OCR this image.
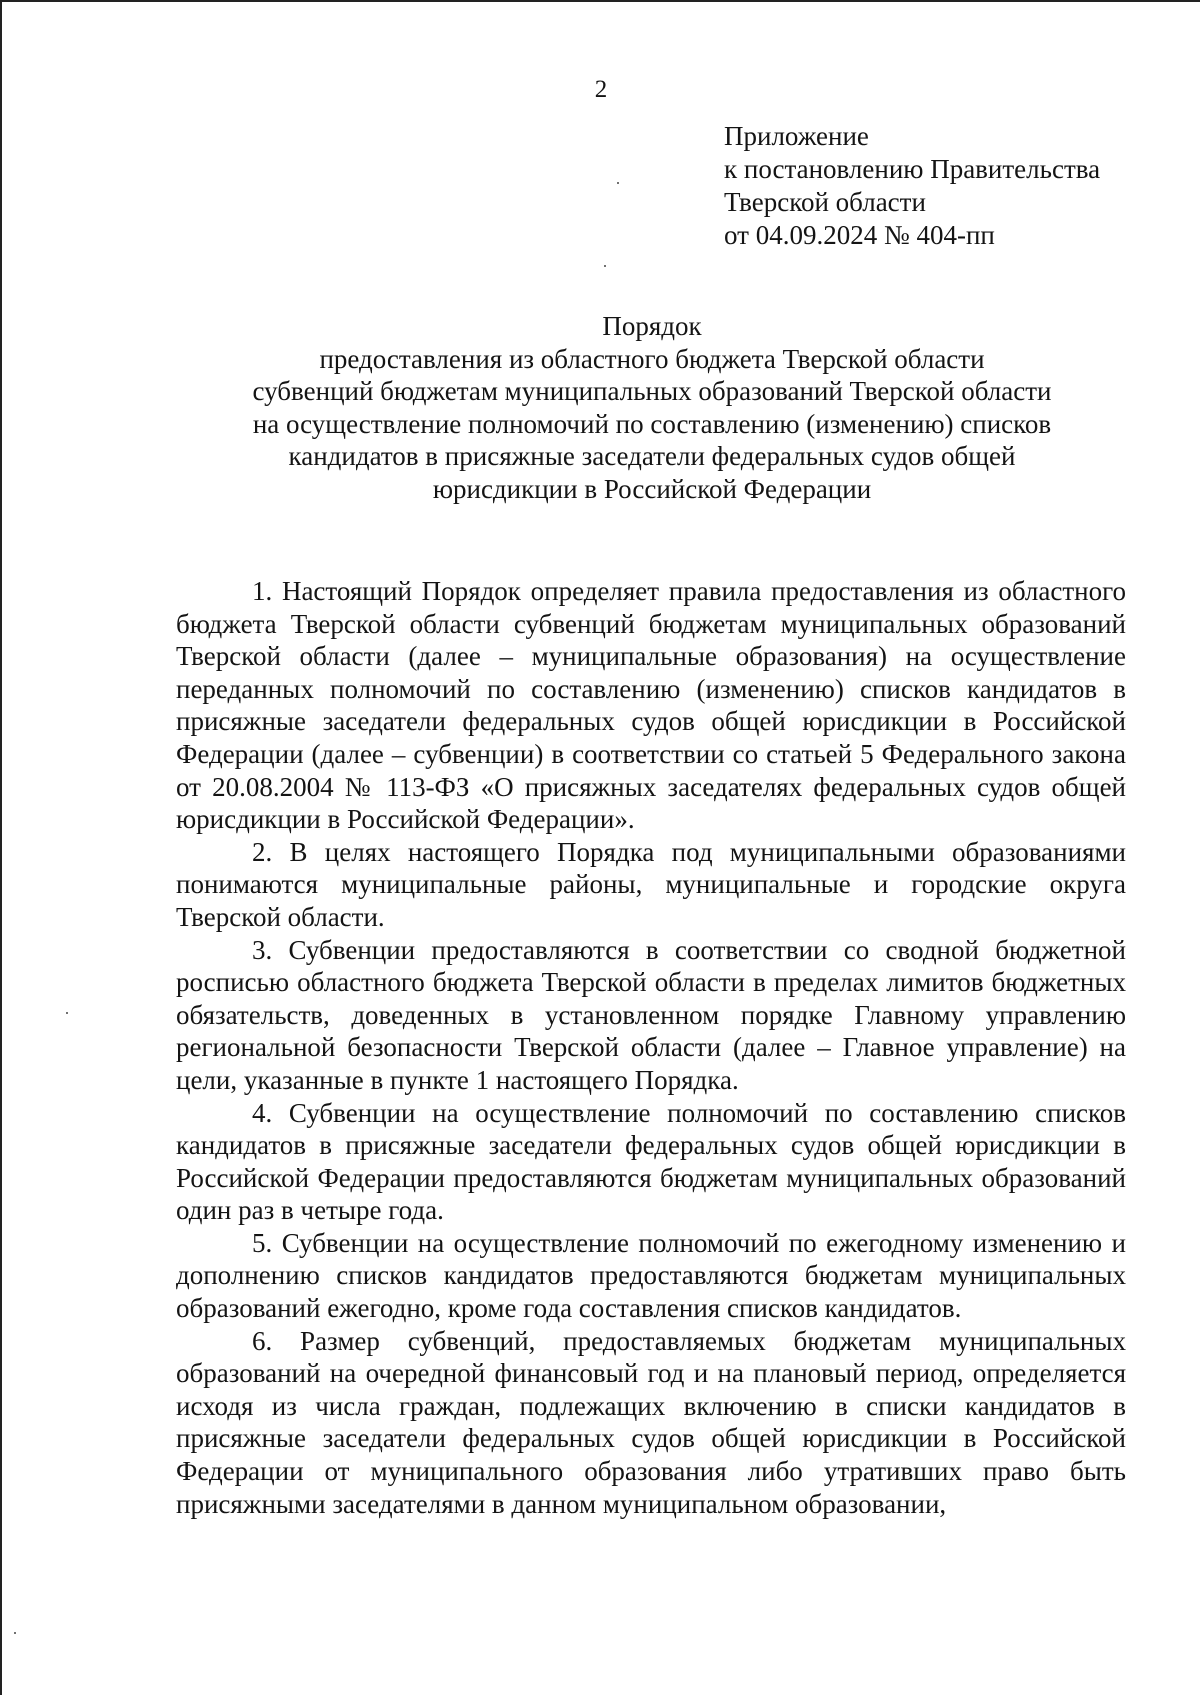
2
Приложение
к постановлению Правительства
Тверской области
от 04.09.2024 № 404-пп
Порядок
предоставления из областного бюджета Тверской области
субвенций бюджетам муниципальных образований Тверской области
на осуществление полномочий по составлению (изменению) списков
кандидатов в присяжные заседатели федеральных судов общей
юрисдикции в Российской Федерации

1. Настоящий Порядок определяет правила предоставления из областного бюджета Тверской области субвенций бюджетам муниципальных образований Тверской области (далее – муниципальные образования) на осуществление переданных полномочий по составлению (изменению) списков кандидатов в присяжные заседатели федеральных судов общей юрисдикции в Российской Федерации (далее – субвенции) в соответствии со статьей 5 Федерального закона от 20.08.2004 № 113-ФЗ «О присяжных заседателях федеральных судов общей юрисдикции в Российской Федерации».

2. В целях настоящего Порядка под муниципальными образованиями понимаются муниципальные районы, муниципальные и городские округа Тверской области.

3. Субвенции предоставляются в соответствии со сводной бюджетной росписью областного бюджета Тверской области в пределах лимитов бюджетных обязательств, доведенных в установленном порядке Главному управлению региональной безопасности Тверской области (далее – Главное управление) на цели, указанные в пункте 1 настоящего Порядка.

4. Субвенции на осуществление полномочий по составлению списков кандидатов в присяжные заседатели федеральных судов общей юрисдикции в Российской Федерации предоставляются бюджетам муниципальных образований один раз в четыре года.

5. Субвенции на осуществление полномочий по ежегодному изменению и дополнению списков кандидатов предоставляются бюджетам муниципальных образований ежегодно, кроме года составления списков кандидатов.

6. Размер субвенций, предоставляемых бюджетам муниципальных образований на очередной финансовый год и на плановый период, определяется исходя из числа граждан, подлежащих включению в списки кандидатов в присяжные заседатели федеральных судов общей юрисдикции в Российской Федерации от муниципального образования либо утративших право быть присяжными заседателями в данном муниципальном образовании,
